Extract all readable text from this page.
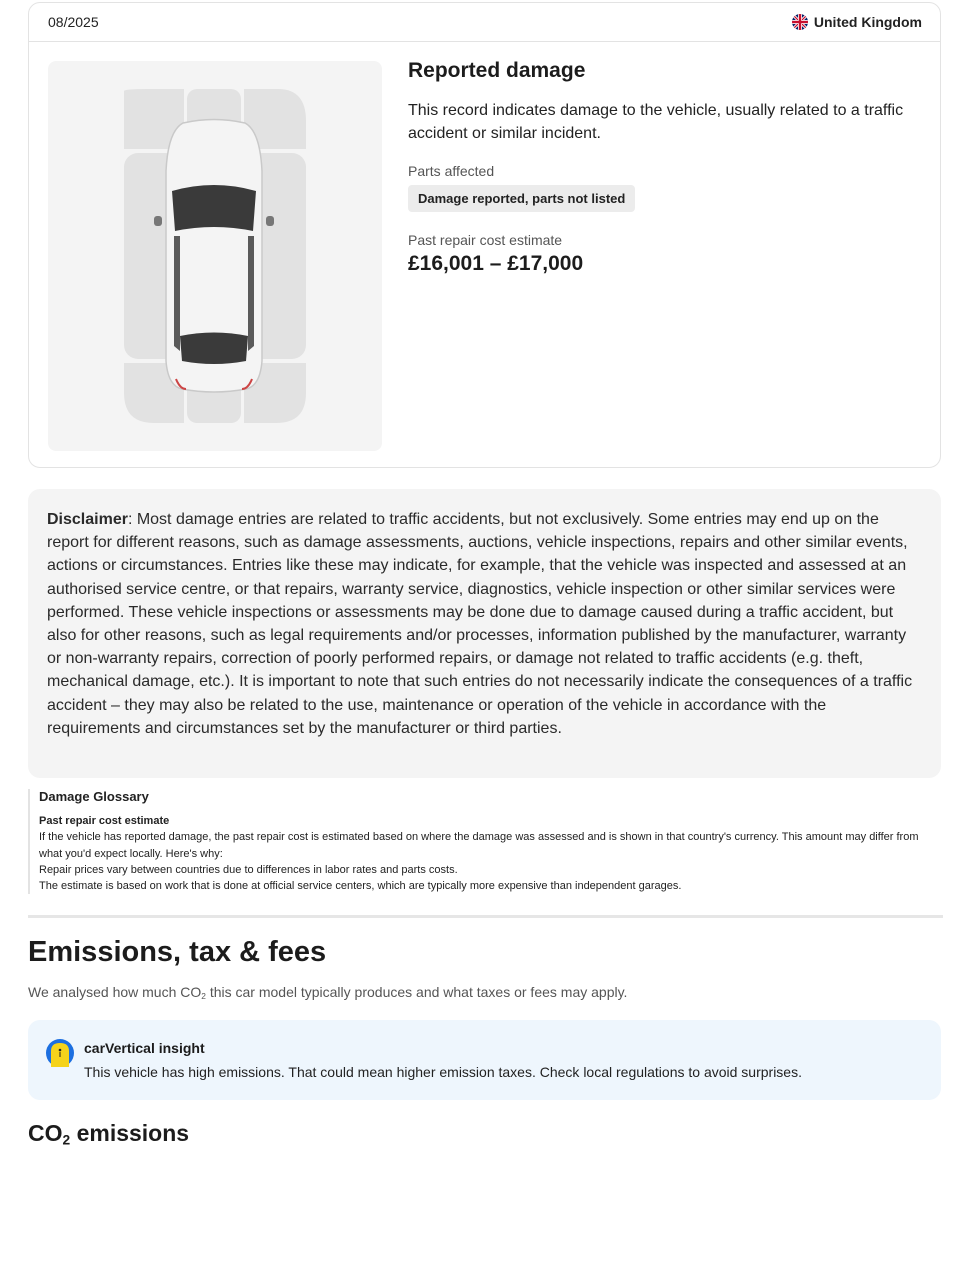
08/2025	United Kingdom
Reported damage
This record indicates damage to the vehicle, usually related to a traffic accident or similar incident.
Parts affected
Damage reported, parts not listed
Past repair cost estimate
£16,001 – £17,000
Disclaimer: Most damage entries are related to traffic accidents, but not exclusively. Some entries may end up on the report for different reasons, such as damage assessments, auctions, vehicle inspections, repairs and other similar events, actions or circumstances. Entries like these may indicate, for example, that the vehicle was inspected and assessed at an authorised service centre, or that repairs, warranty service, diagnostics, vehicle inspection or other similar services were performed. These vehicle inspections or assessments may be done due to damage caused during a traffic accident, but also for other reasons, such as legal requirements and/or processes, information published by the manufacturer, warranty or non-warranty repairs, correction of poorly performed repairs, or damage not related to traffic accidents (e.g. theft, mechanical damage, etc.). It is important to note that such entries do not necessarily indicate the consequences of a traffic accident – they may also be related to the use, maintenance or operation of the vehicle in accordance with the requirements and circumstances set by the manufacturer or third parties.
Damage Glossary
Past repair cost estimate
If the vehicle has reported damage, the past repair cost is estimated based on where the damage was assessed and is shown in that country's currency. This amount may differ from what you'd expect locally. Here's why:
Repair prices vary between countries due to differences in labor rates and parts costs.
The estimate is based on work that is done at official service centers, which are typically more expensive than independent garages.
Emissions, tax & fees
We analysed how much $CO_2$ this car model typically produces and what taxes or fees may apply.
carVertical insight
This vehicle has high emissions. That could mean higher emission taxes. Check local regulations to avoid surprises.
$CO_2$ emissions
